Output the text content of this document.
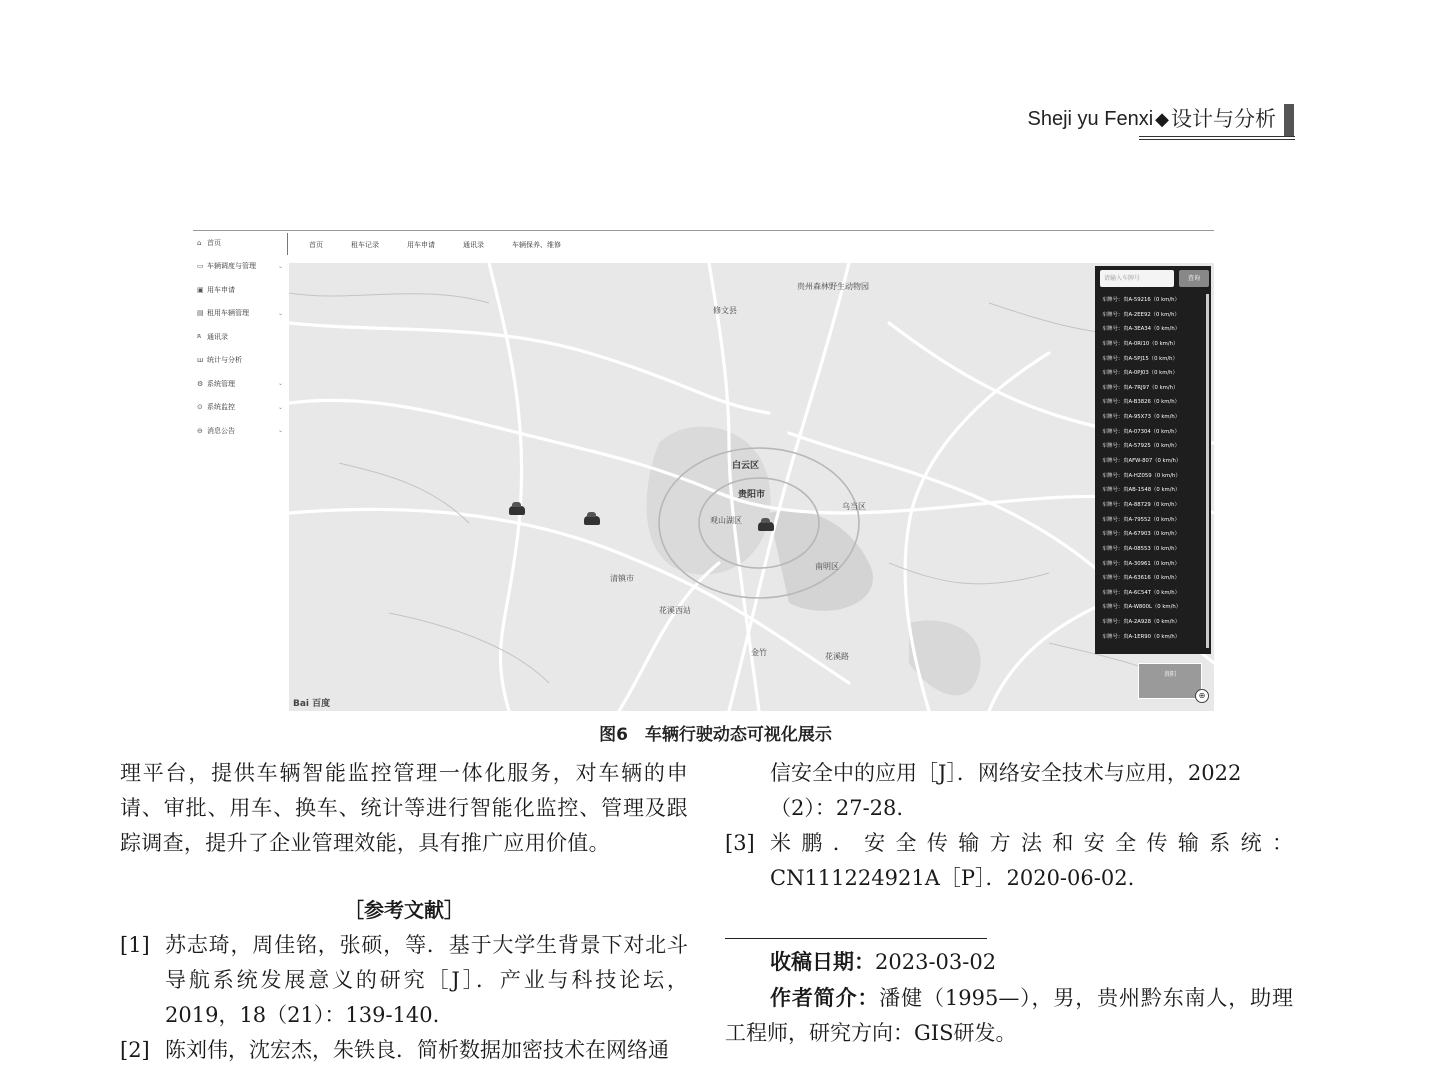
Sheji yu Fenxi ◆ 设计与分析
⌂ 首页
▭ 车辆调度与管理	⌄
▣ 用车申请
▤ 租用车辆管理	⌄
ጸ 通讯录
ш 统计与分析
⚙ 系统管理	⌄
⊙ 系统监控	⌄
⊖ 消息公告	⌄
首页	租车记录	用车申请	通讯录	车辆保养、维修
修文县
白云区
贵阳市
观山湖区
乌当区
南明区
清镇市
花溪西站
金竹	花溪路
贵州森林野生动物园
Bai 百度
请输入车牌号	查询
车牌号：贵A-59216（0 km/h）
车牌号：贵A-2EE92（0 km/h）
车牌号：贵A-3EA34（0 km/h）
车牌号：贵A-0RI10（0 km/h）
车牌号：贵A-5PJ15（0 km/h）
车牌号：贵A-0PJ03（0 km/h）
车牌号：贵A-7RJ97（0 km/h）
车牌号：贵A-B3826（0 km/h）
车牌号：贵A-95X73（0 km/h）
车牌号：贵A-07304（0 km/h）
车牌号：贵A-57925（0 km/h）
车牌号：贵AFW-807（0 km/h）
车牌号：贵A-HZ059（0 km/h）
车牌号：贵AB-1548（0 km/h）
车牌号：贵A-88729（0 km/h）
车牌号：贵A-79552（0 km/h）
车牌号：贵A-67903（0 km/h）
车牌号：贵A-08553（0 km/h）
车牌号：贵A-30961（0 km/h）
车牌号：贵A-63616（0 km/h）
车牌号：贵A-6C54T（0 km/h）
车牌号：贵A-W800L（0 km/h）
车牌号：贵A-2A928（0 km/h）
车牌号：贵A-1ER90（0 km/h）
贵阳
⊕
图6　车辆行驶动态可视化展示
理平台，提供车辆智能监控管理一体化服务，对车辆的申请、审批、用车、换车、统计等进行智能化监控、管理及跟踪调查，提升了企业管理效能，具有推广应用价值。
［参考文献］
[1] 苏志琦，周佳铭，张硕，等．基于大学生背景下对北斗导航系统发展意义的研究［J］．产业与科技论坛，2019，18（21）：139-140.
[2] 陈刘伟，沈宏杰，朱铁良．简析数据加密技术在网络通
信安全中的应用［J］．网络安全技术与应用，2022（2）：27-28.
[3] 米鹏．安全传输方法和安全传输系统：CN111224921A［P］．2020-06-02.
收稿日期：2023-03-02
作者简介：潘健（1995—），男，贵州黔东南人，助理工程师，研究方向：GIS研发。
